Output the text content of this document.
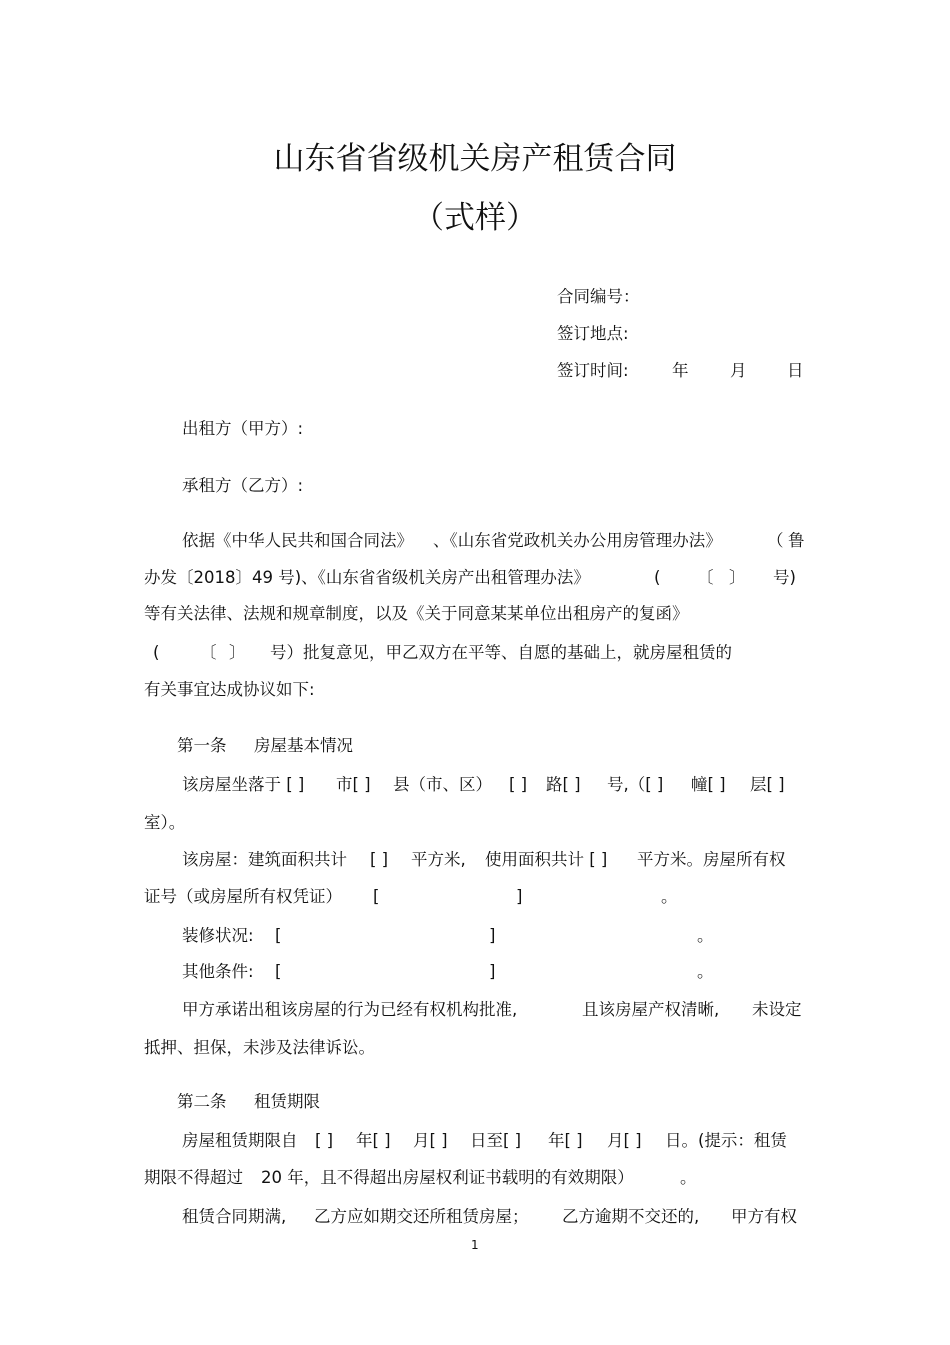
山东省省级机关房产租赁合同
（式样）
合同编号：
签订地点:
签订时间:	年	月 日
出租方（甲方）:
承租方（乙方）:
依据《中华人民共和国合同法》 、《山东省党政机关办公用房管理办法》	（ 鲁
办发〔2018〕49 号)、《山东省省级机关房产出租管理办法》	( 〔 〕 号)
等有关法律、法规和规章制度，以及《关于同意某某单位出租房产的复函》
( 〔 〕 号）批复意见，甲乙双方在平等、自愿的基础上，就房屋租赁的
有关事宜达成协议如下:
第一条 房屋基本情况
该房屋坐落于 [ ] 市[ ] 县（市、区） [ ] 路[ ] 号,（[ ] 幢[ ] 层[ ]
室）。
该房屋：建筑面积共计 [ ] 平方米, 使用面积共计 [ ] 平方米。房屋所有权
证号（或房屋所有权凭证） [	]	。
装修状况: [	]	。
其他条件: [	]	。
甲方承诺出租该房屋的行为已经有权机构批准,	且该房屋产权清晰, 未设定
抵押、担保，未涉及法律诉讼。
第二条 租赁期限
房屋租赁期限自 [ ] 年[ ] 月[ ] 日至[ ] 年[ ] 月[ ] 日。(提示：租赁
期限不得超过 20 年，且不得超出房屋权利证书载明的有效期限）	。
租赁合同期满, 乙方应如期交还所租赁房屋； 乙方逾期不交还的, 甲方有权
1
